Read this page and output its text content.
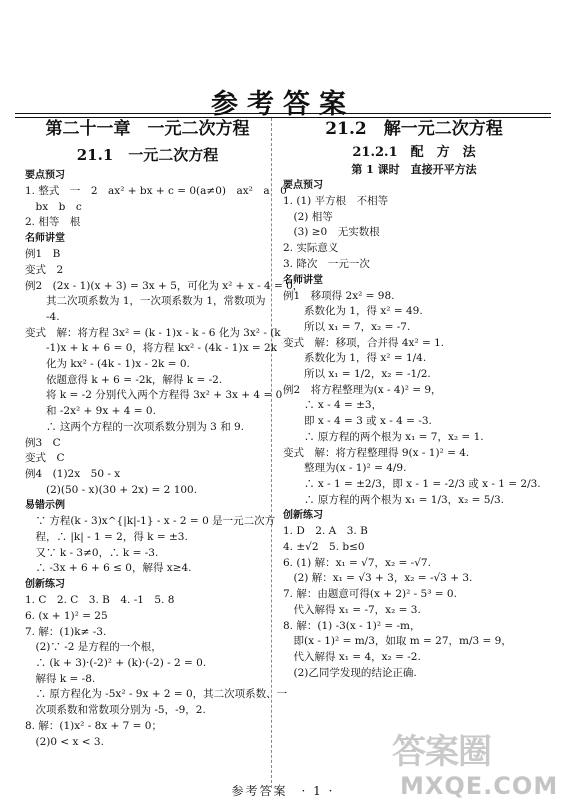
参考答案
第二十一章　一元二次方程
21.1　一元二次方程
要点预习
1. 整式　一　2　ax² + bx + c = 0(a≠0)　ax²　a　0
　bx　b　c
2. 相等　根
名师讲堂
例1　B
变式　2
例2　(2x - 1)(x + 3) = 3x + 5，可化为 x² + x - 4 = 0，
　　其二次项系数为 1，一次项系数为 1，常数项为
　　-4.
变式　解：将方程 3x² = (k - 1)x - k - 6 化为 3x² - (k
　　-1)x + k + 6 = 0，将方程 kx² - (4k - 1)x = 2k
　　化为 kx² - (4k - 1)x - 2k = 0.
　　依题意得 k + 6 = -2k，解得 k = -2.
　　将 k = -2 分别代入两个方程得 3x² + 3x + 4 = 0
　　和 -2x² + 9x + 4 = 0.
　　∴ 这两个方程的一次项系数分别为 3 和 9.
例3　C
变式　C
例4　(1)2x　50 - x
　　(2)(50 - x)(30 + 2x) = 2 100.
易错示例
　∵ 方程(k - 3)x^{|k|-1} - x - 2 = 0 是一元二次方
　程，∴ |k| - 1 = 2，得 k = ±3.
　又∵ k - 3≠0，∴ k = -3.
　∴ -3x + 6 + 6 ≤ 0，解得 x≥4.
创新练习
1. C　2. C　3. B　4. -1　5. 8
6. (x + 1)² = 25
7. 解：(1)k≠ -3.
　(2)∵ -2 是方程的一个根，
　∴ (k + 3)·(-2)² + (k)·(-2) - 2 = 0.
　解得 k = -8.
　∴ 原方程化为 -5x² - 9x + 2 = 0，其二次项系数、一
　次项系数和常数项分别为 -5，-9，2.
8. 解：(1)x² - 8x + 7 = 0；
　(2)0 < x < 3.
21.2　解一元二次方程
21.2.1　配　方　法
第 1 课时　直接开平方法
要点预习
1. (1) 平方根　不相等
　(2) 相等
　(3) ≥0　无实数根
2. 实际意义
3. 降次　一元一次
名师讲堂
例1　移项得 2x² = 98.
　　系数化为 1，得 x² = 49.
　　所以 x₁ = 7，x₂ = -7.
变式　解：移项，合并得 4x² = 1.
　　系数化为 1，得 x² = 1/4.
　　所以 x₁ = 1/2，x₂ = -1/2.
例2　将方程整理为(x - 4)² = 9，
　　∴ x - 4 = ±3，
　　即 x - 4 = 3 或 x - 4 = -3.
　　∴ 原方程的两个根为 x₁ = 7，x₂ = 1.
变式　解：将方程整理得 9(x - 1)² = 4.
　　整理为(x - 1)² = 4/9.
　　∴ x - 1 = ±2/3，即 x - 1 = -2/3 或 x - 1 = 2/3.
　　∴ 原方程的两个根为 x₁ = 1/3，x₂ = 5/3.
创新练习
1. D　2. A　3. B
4. ±√2　5. b≤0
6. (1) 解：x₁ = √7，x₂ = -√7.
　(2) 解：x₁ = √3 + 3，x₂ = -√3 + 3.
7. 解：由题意可得(x + 2)² - 5³ = 0.
　代入解得 x₁ = -7，x₂ = 3.
8. 解：(1) -3(x - 1)² = -m，
　即(x - 1)² = m/3，如取 m = 27，m/3 = 9，
　代入解得 x₁ = 4，x₂ = -2.
　(2)乙同学发现的结论正确.
参考答案　· 1 ·
答案圈
MXQE.COM
